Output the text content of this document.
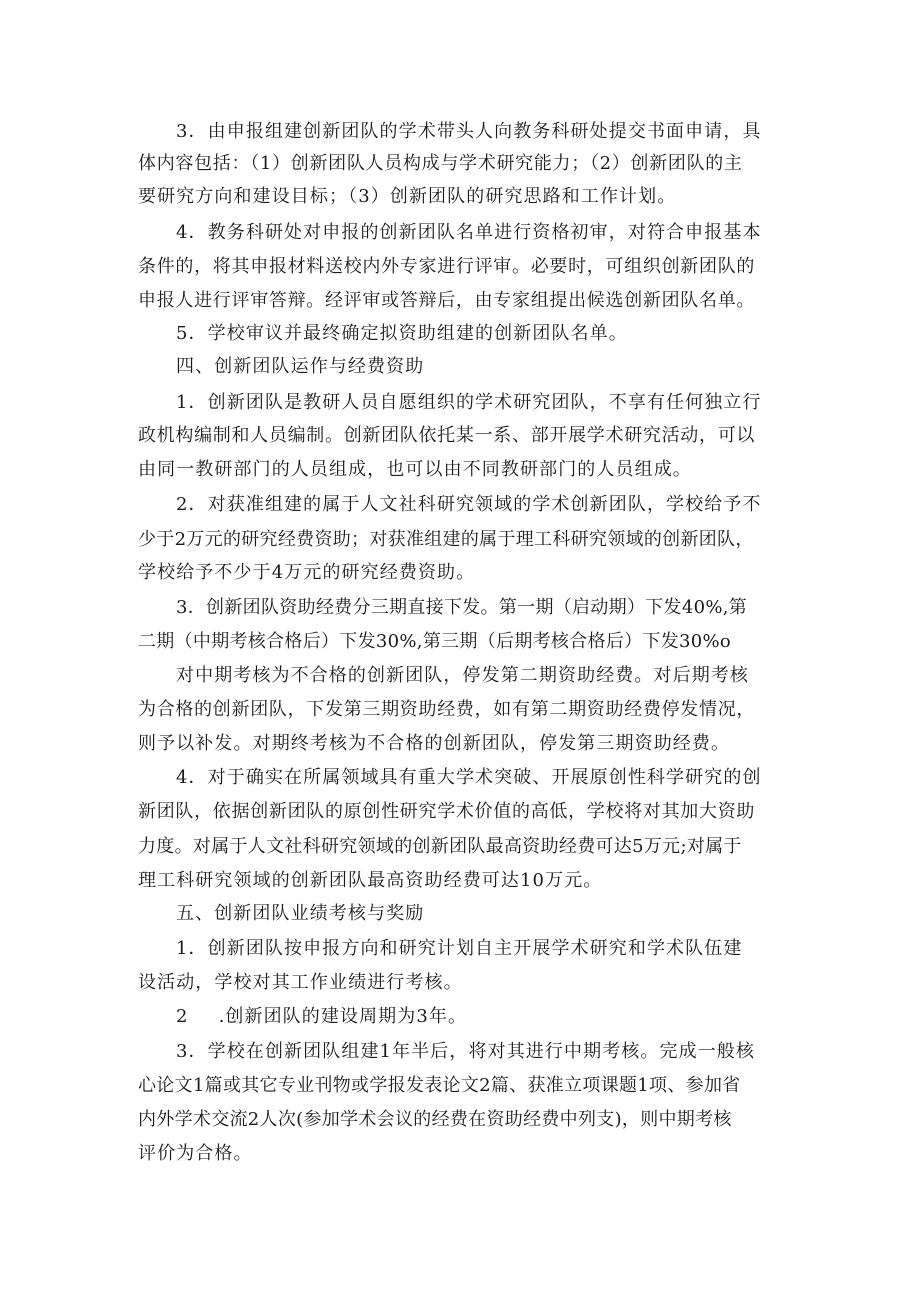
3．由申报组建创新团队的学术带头人向教务科研处提交书面申请，具
体内容包括：（1）创新团队人员构成与学术研究能力；（2）创新团队的主
要研究方向和建设目标；（3）创新团队的研究思路和工作计划。
4．教务科研处对申报的创新团队名单进行资格初审，对符合申报基本
条件的，将其申报材料送校内外专家进行评审。必要时，可组织创新团队的
申报人进行评审答辩。经评审或答辩后，由专家组提出候选创新团队名单。
5．学校审议并最终确定拟资助组建的创新团队名单。
四、创新团队运作与经费资助
1．创新团队是教研人员自愿组织的学术研究团队，不享有任何独立行
政机构编制和人员编制。创新团队依托某一系、部开展学术研究活动，可以
由同一教研部门的人员组成，也可以由不同教研部门的人员组成。
2．对获准组建的属于人文社科研究领域的学术创新团队，学校给予不
少于2万元的研究经费资助；对获准组建的属于理工科研究领域的创新团队，
学校给予不少于4万元的研究经费资助。
3．创新团队资助经费分三期直接下发。第一期（启动期）下发40%,第
二期（中期考核合格后）下发30%,第三期（后期考核合格后）下发30%o
对中期考核为不合格的创新团队，停发第二期资助经费。对后期考核
为合格的创新团队，下发第三期资助经费，如有第二期资助经费停发情况，
则予以补发。对期终考核为不合格的创新团队，停发第三期资助经费。
4．对于确实在所属领域具有重大学术突破、开展原创性科学研究的创
新团队，依据创新团队的原创性研究学术价值的高低，学校将对其加大资助
力度。对属于人文社科研究领域的创新团队最高资助经费可达5万元;对属于
理工科研究领域的创新团队最高资助经费可达10万元。
五、创新团队业绩考核与奖励
1．创新团队按申报方向和研究计划自主开展学术研究和学术队伍建
设活动，学校对其工作业绩进行考核。
2 .创新团队的建设周期为3年。
3．学校在创新团队组建1年半后，将对其进行中期考核。完成一般核
心论文1篇或其它专业刊物或学报发表论文2篇、获准立项课题1项、参加省
内外学术交流2人次(参加学术会议的经费在资助经费中列支)，则中期考核
评价为合格。
